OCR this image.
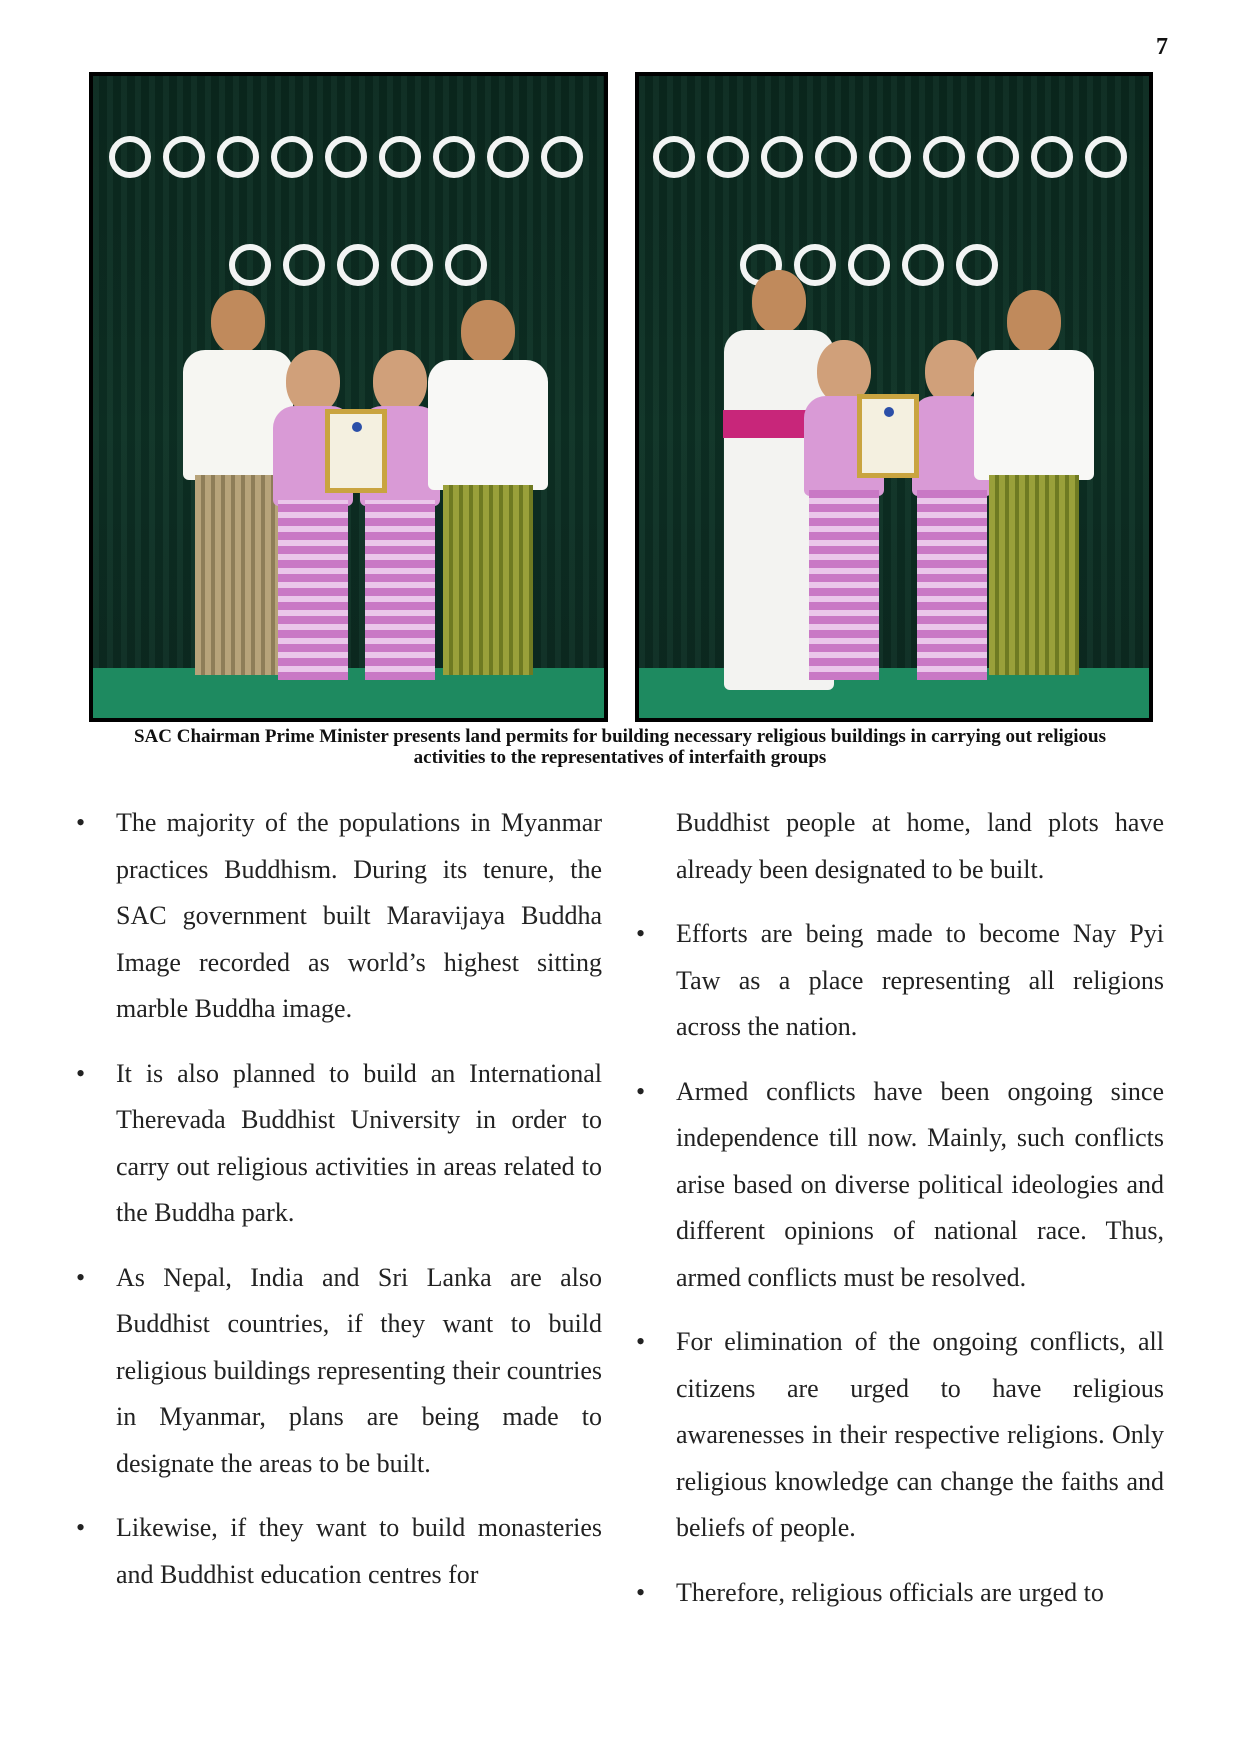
7
SAC Chairman Prime Minister presents land permits for building necessary religious buildings in carrying out religious
activities to the representatives of interfaith groups
• The majority of the populations in Myanmar practices Buddhism. During its tenure, the SAC government built Maravijaya Buddha Image recorded as world’s highest sitting marble Buddha image.
• It is also planned to build an International Therevada Buddhist University in order to carry out religious activities in areas related to the Buddha park.
• As Nepal, India and Sri Lanka are also Buddhist countries, if they want to build religious buildings representing their countries in Myanmar, plans are being made to designate the areas to be built.
• Likewise, if they want to build monasteries and Buddhist education centres for
Buddhist people at home, land plots have already been designated to be built.
• Efforts are being made to become Nay Pyi Taw as a place representing all religions across the nation.
• Armed conflicts have been ongoing since independence till now. Mainly, such conflicts arise based on diverse political ideologies and different opinions of national race. Thus, armed conflicts must be resolved.
• For elimination of the ongoing conflicts, all citizens are urged to have religious awarenesses in their respective religions. Only religious knowledge can change the faiths and beliefs of people.
• Therefore, religious officials are urged to
